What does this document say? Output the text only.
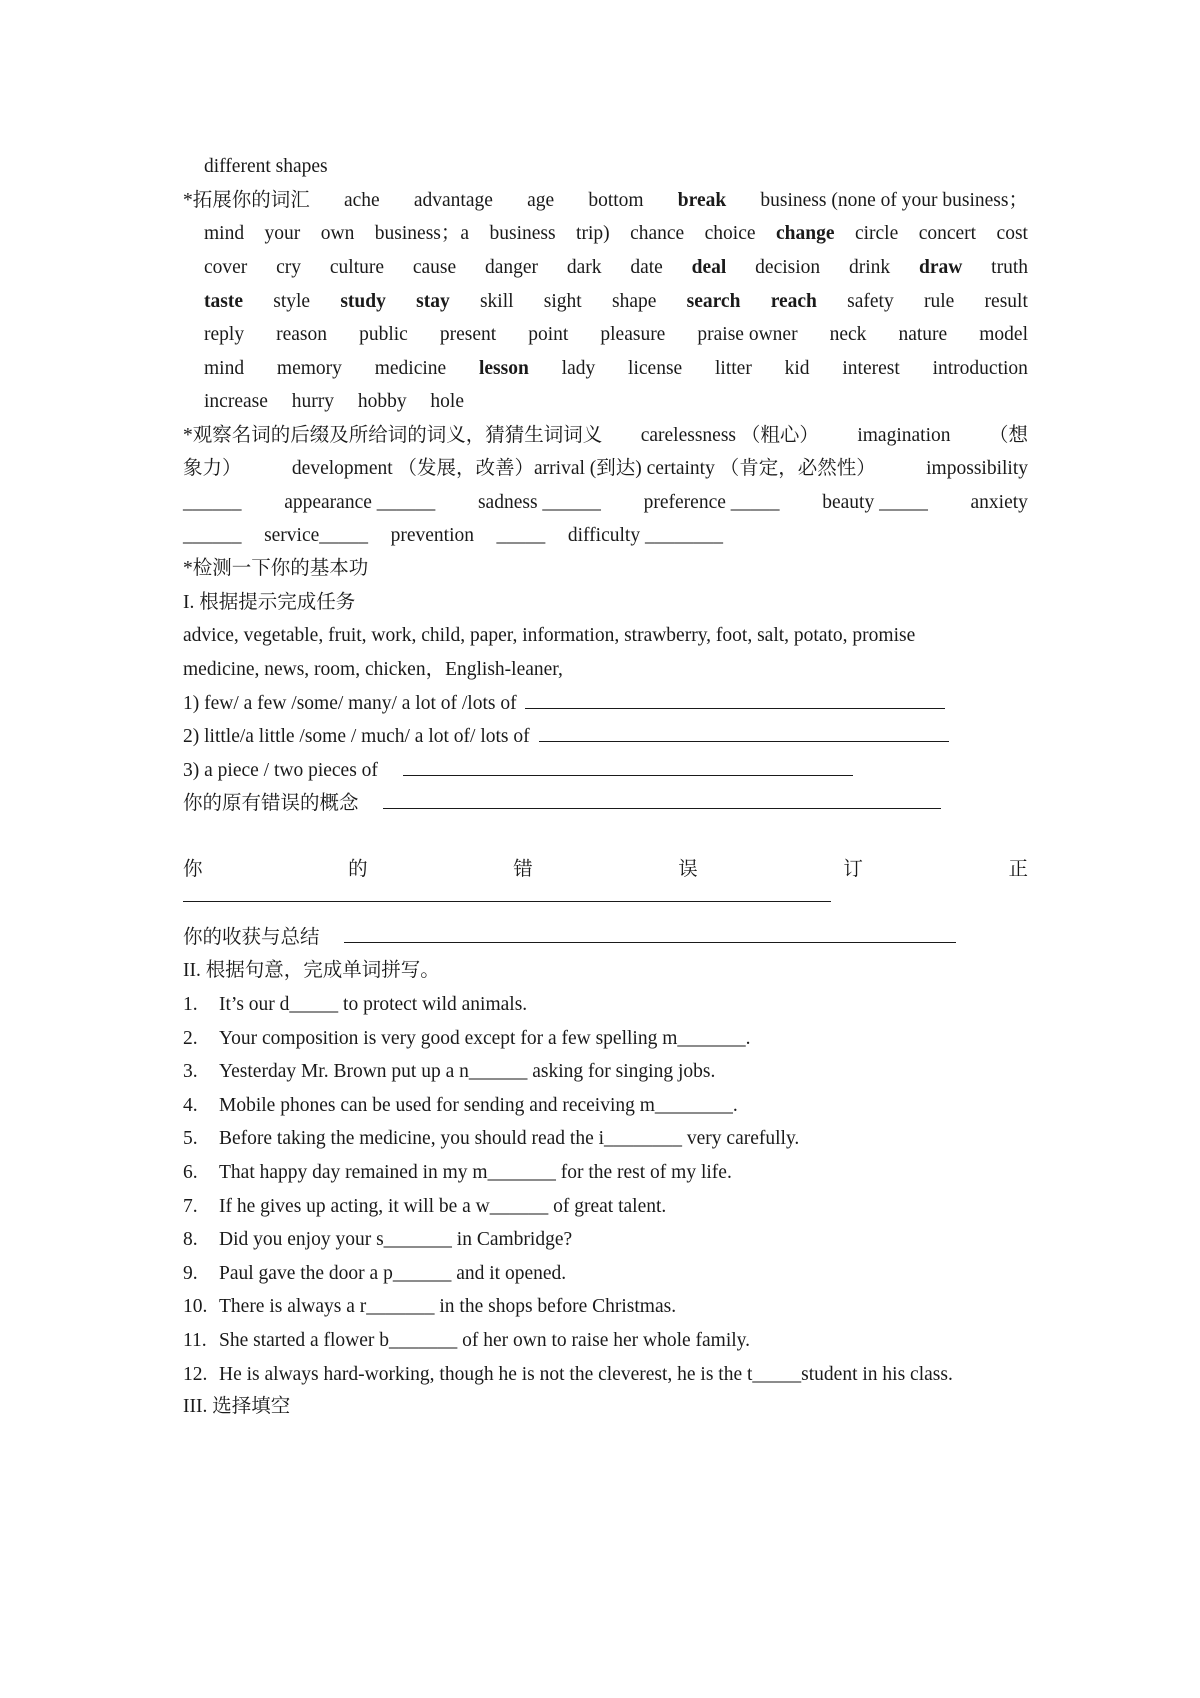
different shapes
*拓展你的词汇 ache advantage age bottom break business (none of your business；
mind your own business；a business trip) chance choice change circle concert cost
cover cry culture cause danger dark date deal decision drink draw truth
taste style study stay skill sight shape search reach safety rule result
reply reason public present point pleasure praise owner neck nature model
mind memory medicine lesson lady license litter kid interest introduction
increase hurry hobby hole
*观察名词的后缀及所给词的词义，猜猜生词词义 carelessness （粗心） imagination （想
象力）	development （发展，改善）arrival (到达) certainty （肯定，必然性）	impossibility
______ appearance ______ sadness ______ preference _____ beauty _____ anxiety
______ service_____ prevention _____ difficulty ________
*检测一下你的基本功
I. 根据提示完成任务
advice, vegetable, fruit, work, child, paper, information, strawberry, foot, salt, potato, promise
medicine, news, room, chicken，English-leaner,
1) few/ a few /some/ many/ a lot of /lots of
2) little/a little /some / much/ a lot of/ lots of
3) a piece / two pieces of
你的原有错误的概念
你	的	错	误	订	正
你的收获与总结
II. 根据句意，完成单词拼写。
1. It’s our d_____ to protect wild animals.
2. Your composition is very good except for a few spelling m_______.
3. Yesterday Mr. Brown put up a n______ asking for singing jobs.
4. Mobile phones can be used for sending and receiving m________.
5. Before taking the medicine, you should read the i________ very carefully.
6. That happy day remained in my m_______ for the rest of my life.
7. If he gives up acting, it will be a w______ of great talent.
8. Did you enjoy your s_______ in Cambridge?
9. Paul gave the door a p______ and it opened.
10. There is always a r_______ in the shops before Christmas.
11. She started a flower b_______ of her own to raise her whole family.
12. He is always hard-working, though he is not the cleverest, he is the t_____student in his class.
III. 选择填空
